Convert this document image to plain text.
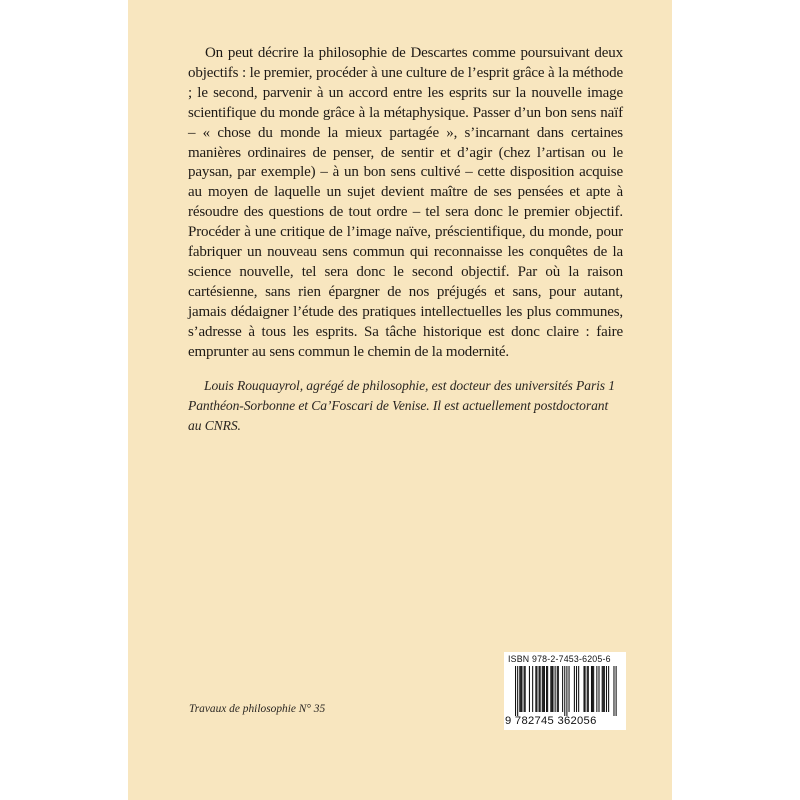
On peut décrire la philosophie de Descartes comme poursuivant deux objectifs : le premier, procéder à une culture de l’esprit grâce à la méthode ; le second, parvenir à un accord entre les esprits sur la nouvelle image scientifique du monde grâce à la métaphysique. Passer d’un bon sens naïf – « chose du monde la mieux partagée », s’incarnant dans certaines manières ordinaires de penser, de sentir et d’agir (chez l’artisan ou le paysan, par exemple) – à un bon sens cultivé – cette disposition acquise au moyen de laquelle un sujet devient maître de ses pensées et apte à résoudre des questions de tout ordre – tel sera donc le premier objectif. Procéder à une critique de l’image naïve, préscientifique, du monde, pour fabriquer un nouveau sens commun qui reconnaisse les conquêtes de la science nouvelle, tel sera donc le second objectif. Par où la raison cartésienne, sans rien épargner de nos préjugés et sans, pour autant, jamais dédaigner l’étude des pratiques intellectuelles les plus communes, s’adresse à tous les esprits. Sa tâche historique est donc claire : faire emprunter au sens commun le chemin de la modernité.

Louis Rouquayrol, agrégé de philosophie, est docteur des universités Paris 1 Panthéon-Sorbonne et Ca’Foscari de Venise. Il est actuellement postdoctorant au CNRS.

Travaux de philosophie N° 35

ISBN 978-2-7453-6205-6
9 782745 362056
